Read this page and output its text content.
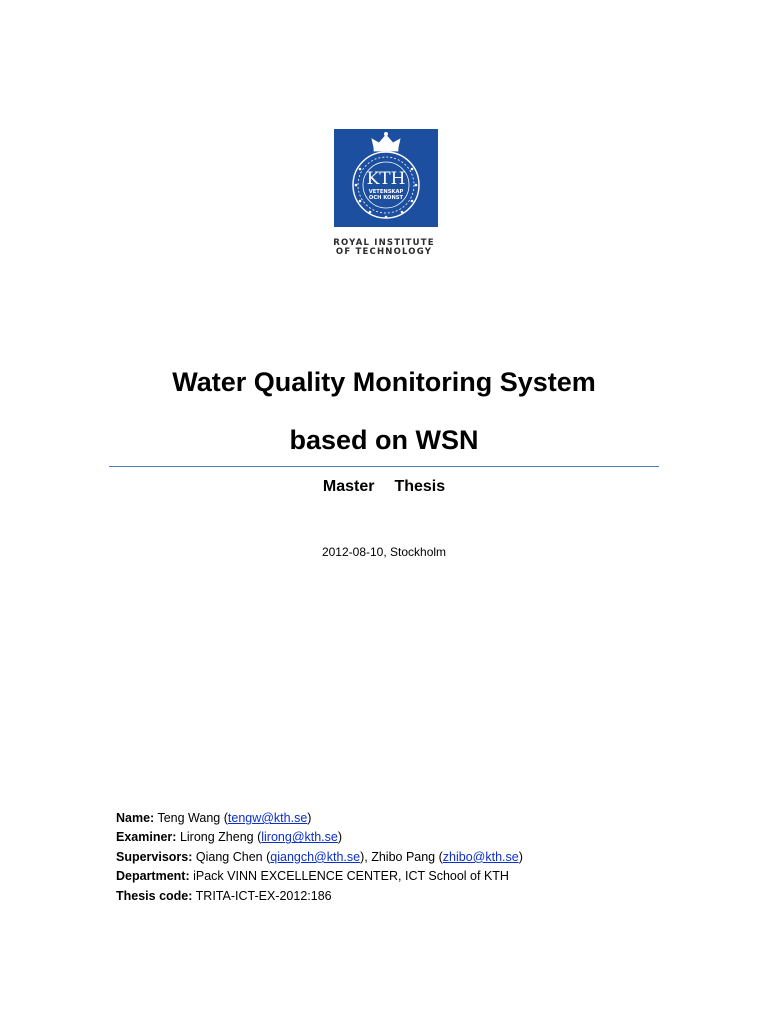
KTH
VETENSKAP
OCH KONST
ROYAL INSTITUTE
OF TECHNOLOGY
Water Quality Monitoring System
based on WSN
Master Thesis
2012-08-10, Stockholm
Name: Teng Wang (tengw@kth.se)
Examiner: Lirong Zheng (lirong@kth.se)
Supervisors: Qiang Chen (qiangch@kth.se), Zhibo Pang (zhibo@kth.se)
Department: iPack VINN EXCELLENCE CENTER, ICT School of KTH
Thesis code: TRITA-ICT-EX-2012:186
